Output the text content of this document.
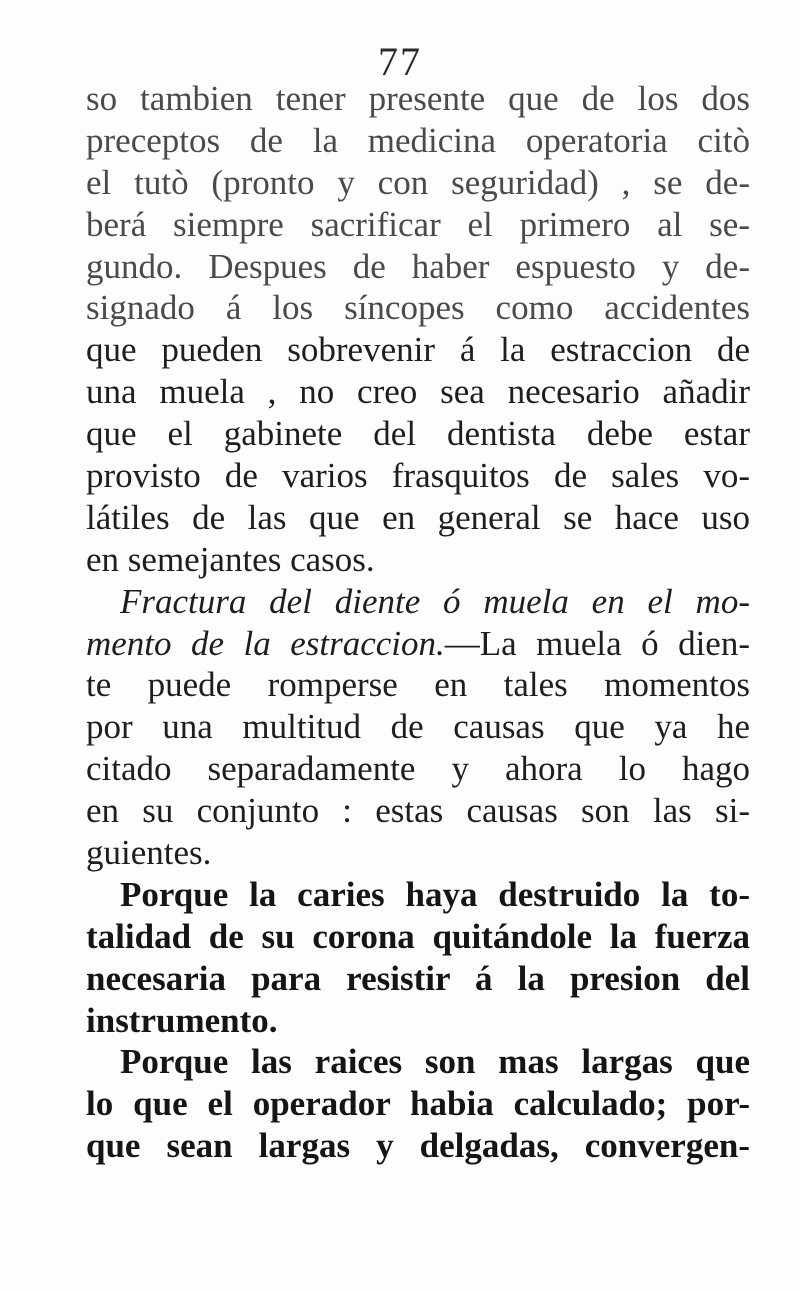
77
so tambien tener presente que de los dos
preceptos de la medicina operatoria citò
el tutò (pronto y con seguridad) , se de-
berá siempre sacrificar el primero al se-
gundo. Despues de haber espuesto y de-
signado á los síncopes como accidentes
que pueden sobrevenir á la estraccion de
una muela , no creo sea necesario añadir
que el gabinete del dentista debe estar
provisto de varios frasquitos de sales vo-
látiles de las que en general se hace uso
en semejantes casos.
Fractura del diente ó muela en el mo-
mento de la estraccion.—La muela ó dien-
te puede romperse en tales momentos
por una multitud de causas que ya he
citado separadamente y ahora lo hago
en su conjunto : estas causas son las si-
guientes.
Porque la caries haya destruido la to-
talidad de su corona quitándole la fuerza
necesaria para resistir á la presion del
instrumento.
Porque las raices son mas largas que
lo que el operador habia calculado; por-
que sean largas y delgadas, convergen-
